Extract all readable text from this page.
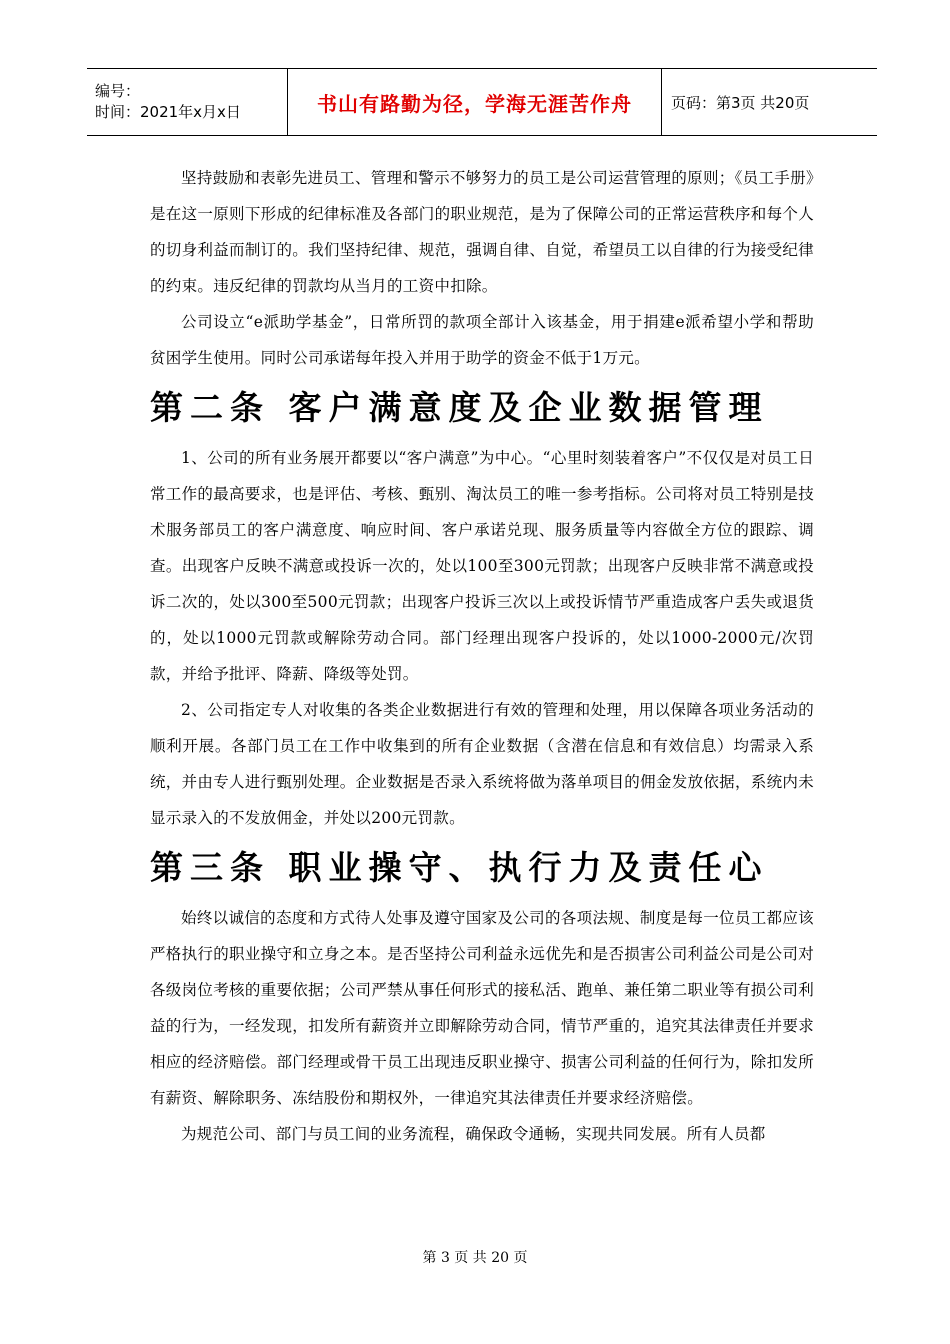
编号：
时间：2021年x月x日	书山有路勤为径，学海无涯苦作舟	页码：第3页 共20页

坚持鼓励和表彰先进员工、管理和警示不够努力的员工是公司运营管理的原则；《员工手册》是在这一原则下形成的纪律标准及各部门的职业规范，是为了保障公司的正常运营秩序和每个人的切身利益而制订的。我们坚持纪律、规范，强调自律、自觉，希望员工以自律的行为接受纪律的约束。违反纪律的罚款均从当月的工资中扣除。

公司设立“e派助学基金”，日常所罚的款项全部计入该基金，用于捐建e派希望小学和帮助贫困学生使用。同时公司承诺每年投入并用于助学的资金不低于1万元。

第二条 客户满意度及企业数据管理

1、公司的所有业务展开都要以“客户满意”为中心。“心里时刻装着客户”不仅仅是对员工日常工作的最高要求，也是评估、考核、甄别、淘汰员工的唯一参考指标。公司将对员工特别是技术服务部员工的客户满意度、响应时间、客户承诺兑现、服务质量等内容做全方位的跟踪、调查。出现客户反映不满意或投诉一次的，处以100至300元罚款；出现客户反映非常不满意或投诉二次的，处以300至500元罚款；出现客户投诉三次以上或投诉情节严重造成客户丢失或退货的，处以1000元罚款或解除劳动合同。部门经理出现客户投诉的，处以1000-2000元/次罚款，并给予批评、降薪、降级等处罚。

2、公司指定专人对收集的各类企业数据进行有效的管理和处理，用以保障各项业务活动的顺利开展。各部门员工在工作中收集到的所有企业数据（含潜在信息和有效信息）均需录入系统，并由专人进行甄别处理。企业数据是否录入系统将做为落单项目的佣金发放依据，系统内未显示录入的不发放佣金，并处以200元罚款。

第三条 职业操守、执行力及责任心

始终以诚信的态度和方式待人处事及遵守国家及公司的各项法规、制度是每一位员工都应该严格执行的职业操守和立身之本。是否坚持公司利益永远优先和是否损害公司利益公司是公司对各级岗位考核的重要依据；公司严禁从事任何形式的接私活、跑单、兼任第二职业等有损公司利益的行为，一经发现，扣发所有薪资并立即解除劳动合同，情节严重的，追究其法律责任并要求相应的经济赔偿。部门经理或骨干员工出现违反职业操守、损害公司利益的任何行为，除扣发所有薪资、解除职务、冻结股份和期权外，一律追究其法律责任并要求经济赔偿。

为规范公司、部门与员工间的业务流程，确保政令通畅，实现共同发展。所有人员都

第 3 页 共 20 页
